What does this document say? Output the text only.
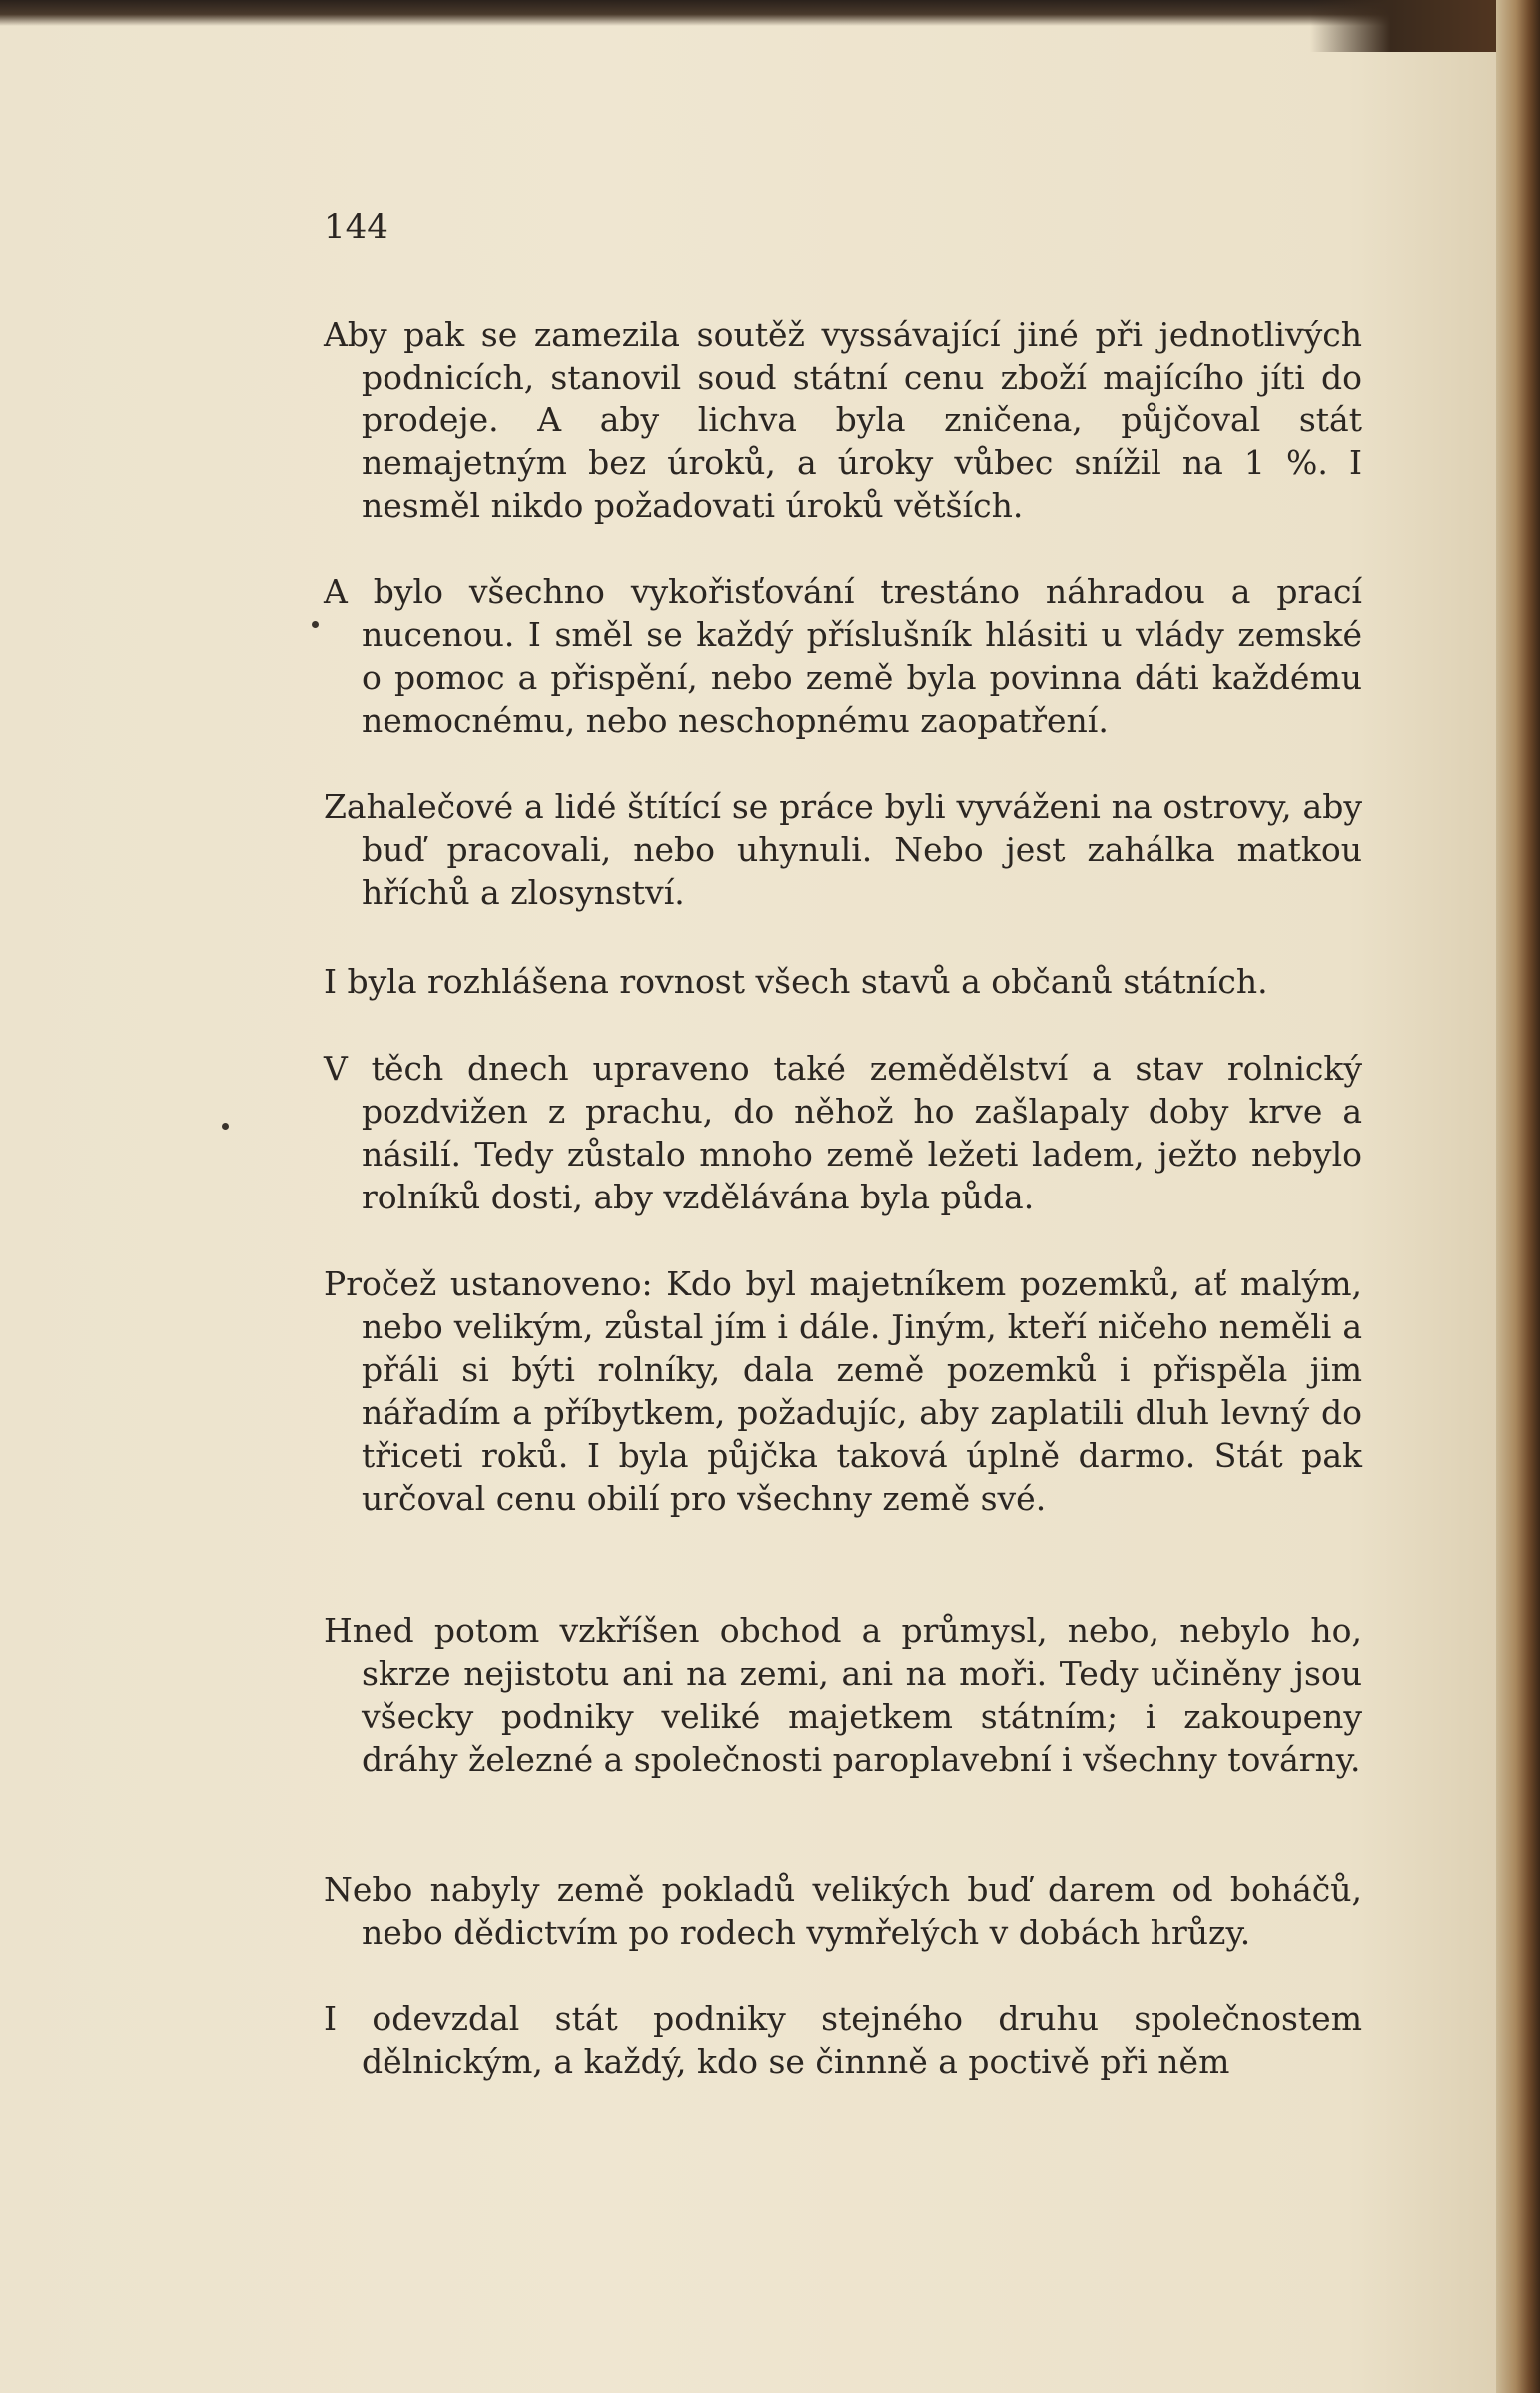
144

Aby pak se zamezila soutěž vyssávající jiné při jednotlivých podnicích, stanovil soud státní cenu zboží majícího jíti do prodeje. A aby lichva byla zničena, půjčoval stát nemajetným bez úroků, a úroky vůbec snížil na 1 %. I nesměl nikdo požadovati úroků větších.

A bylo všechno vykořisťování trestáno náhradou a prací nucenou. I směl se každý příslušník hlásiti u vlády zemské o pomoc a přispění, nebo země byla povinna dáti každému nemocnému, nebo neschopnému zaopatření.

Zahalečové a lidé štítící se práce byli vyváženi na ostrovy, aby buď pracovali, nebo uhynuli. Nebo jest zahálka matkou hříchů a zlosynství.

I byla rozhlášena rovnost všech stavů a občanů státních.

V těch dnech upraveno také zemědělství a stav rolnický pozdvižen z prachu, do něhož ho zašlapaly doby krve a násilí. Tedy zůstalo mnoho země ležeti ladem, ježto nebylo rolníků dosti, aby vzdělávána byla půda.

Pročež ustanoveno: Kdo byl majetníkem pozemků, ať malým, nebo velikým, zůstal jím i dále. Jiným, kteří ničeho neměli a přáli si býti rolníky, dala země pozemků i přispěla jim nářadím a příbytkem, požadujíc, aby zaplatili dluh levný do třiceti roků. I byla půjčka taková úplně darmo. Stát pak určoval cenu obilí pro všechny země své.

Hned potom vzkříšen obchod a průmysl, nebo, nebylo ho, skrze nejistotu ani na zemi, ani na moři. Tedy učiněny jsou všecky podniky veliké majetkem státním; i zakoupeny dráhy železné a společnosti paroplavební i všechny továrny.

Nebo nabyly země pokladů velikých buď darem od boháčů, nebo dědictvím po rodech vymřelých v dobách hrůzy.

I odevzdal stát podniky stejného druhu společnostem dělnickým, a každý, kdo se činnně a poctivě při něm
